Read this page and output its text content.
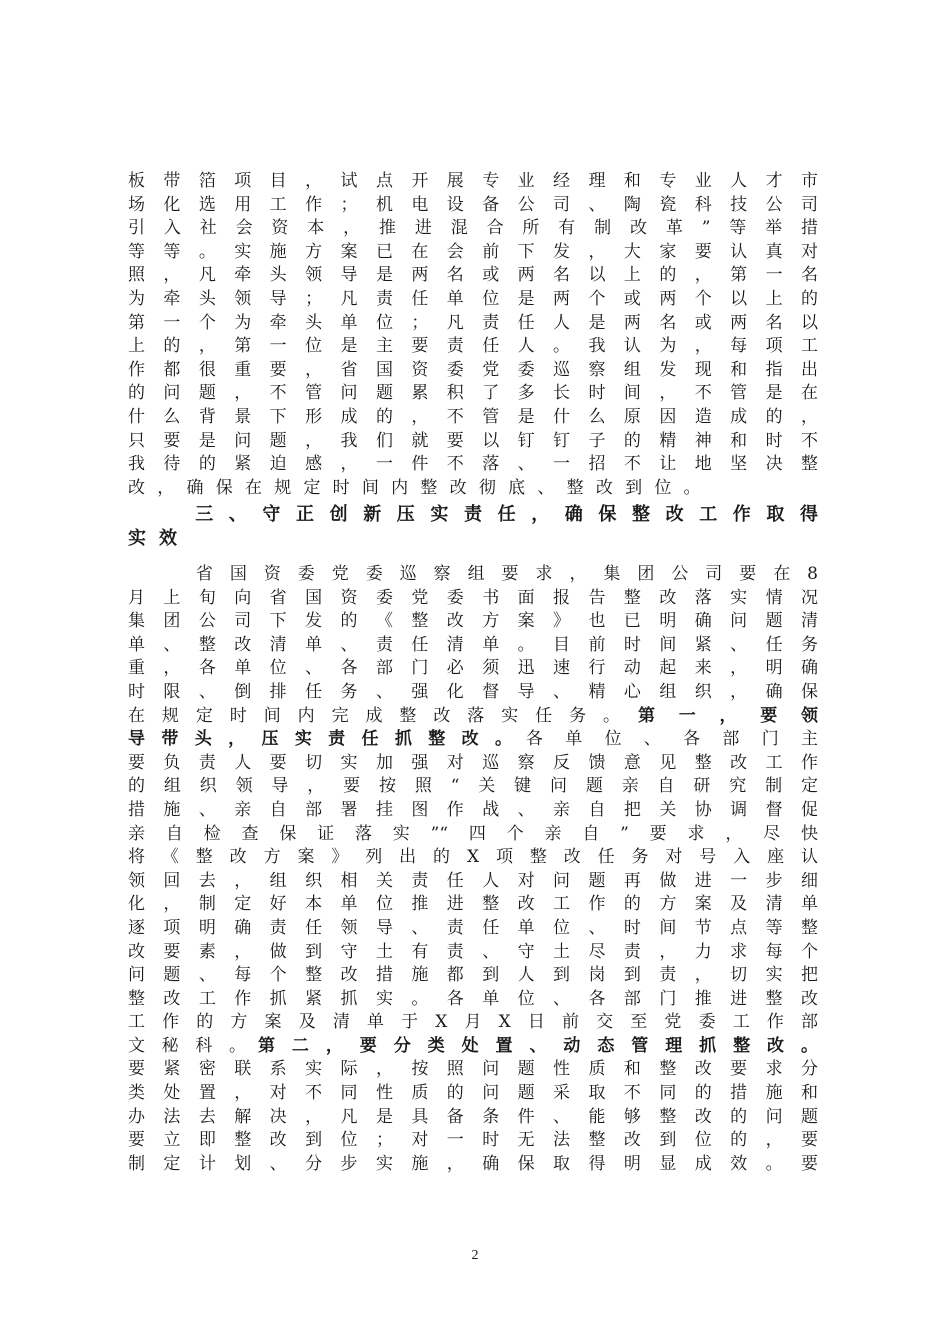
板带箔项目，试点开展专业经理和专业人才市
场化选用工作；机电设备公司、陶瓷科技公司
引入社会资本，推进混合所有制改革”等举措
等等。实施方案已在会前下发，大家要认真对
照，凡牵头领导是两名或两名以上的，第一名
为牵头领导；凡责任单位是两个或两个以上的
第一个为牵头单位；凡责任人是两名或两名以
上的，第一位是主要责任人。我认为，每项工
作都很重要，省国资委党委巡察组发现和指出
的问题，不管问题累积了多长时间，不管是在
什么背景下形成的，不管是什么原因造成的，
只要是问题，我们就要以钉钉子的精神和时不
我待的紧迫感，一件不落、一招不让地坚决整
改，确保在规定时间内整改彻底、整改到位。
　　三、守正创新压实责任，确保整改工作取得
实效
　　省国资委党委巡察组要求，集团公司要在8
月上旬向省国资委党委书面报告整改落实情况
集团公司下发的《整改方案》也已明确问题清
单、整改清单、责任清单。目前时间紧、任务
重，各单位、各部门必须迅速行动起来，明确
时限、倒排任务、强化督导、精心组织，确保
在规定时间内完成整改落实任务。 第一，要领
导带头，压实责任抓整改。 各单位、各部门主
要负责人要切实加强对巡察反馈意见整改工作
的组织领导，要按照“关键问题亲自研究制定
措施、亲自部署挂图作战、亲自把关协调督促
亲自检查保证落实”“四个亲自”要求，尽快
将《整改方案》列出的X项整改任务对号入座认
领回去，组织相关责任人对问题再做进一步细
化，制定好本单位推进整改工作的方案及清单
逐项明确责任领导、责任单位、时间节点等整
改要素，做到守土有责、守土尽责，力求每个
问题、每个整改措施都到人到岗到责，切实把
整改工作抓紧抓实。各单位、各部门推进整改
工作的方案及清单于X月X日前交至党委工作部
文秘科。 第二，要分类处置、动态管理抓整改。
要紧密联系实际，按照问题性质和整改要求分
类处置，对不同性质的问题采取不同的措施和
办法去解决，凡是具备条件、能够整改的问题
要立即整改到位；对一时无法整改到位的，要
制定计划、分步实施，确保取得明显成效。要
2
